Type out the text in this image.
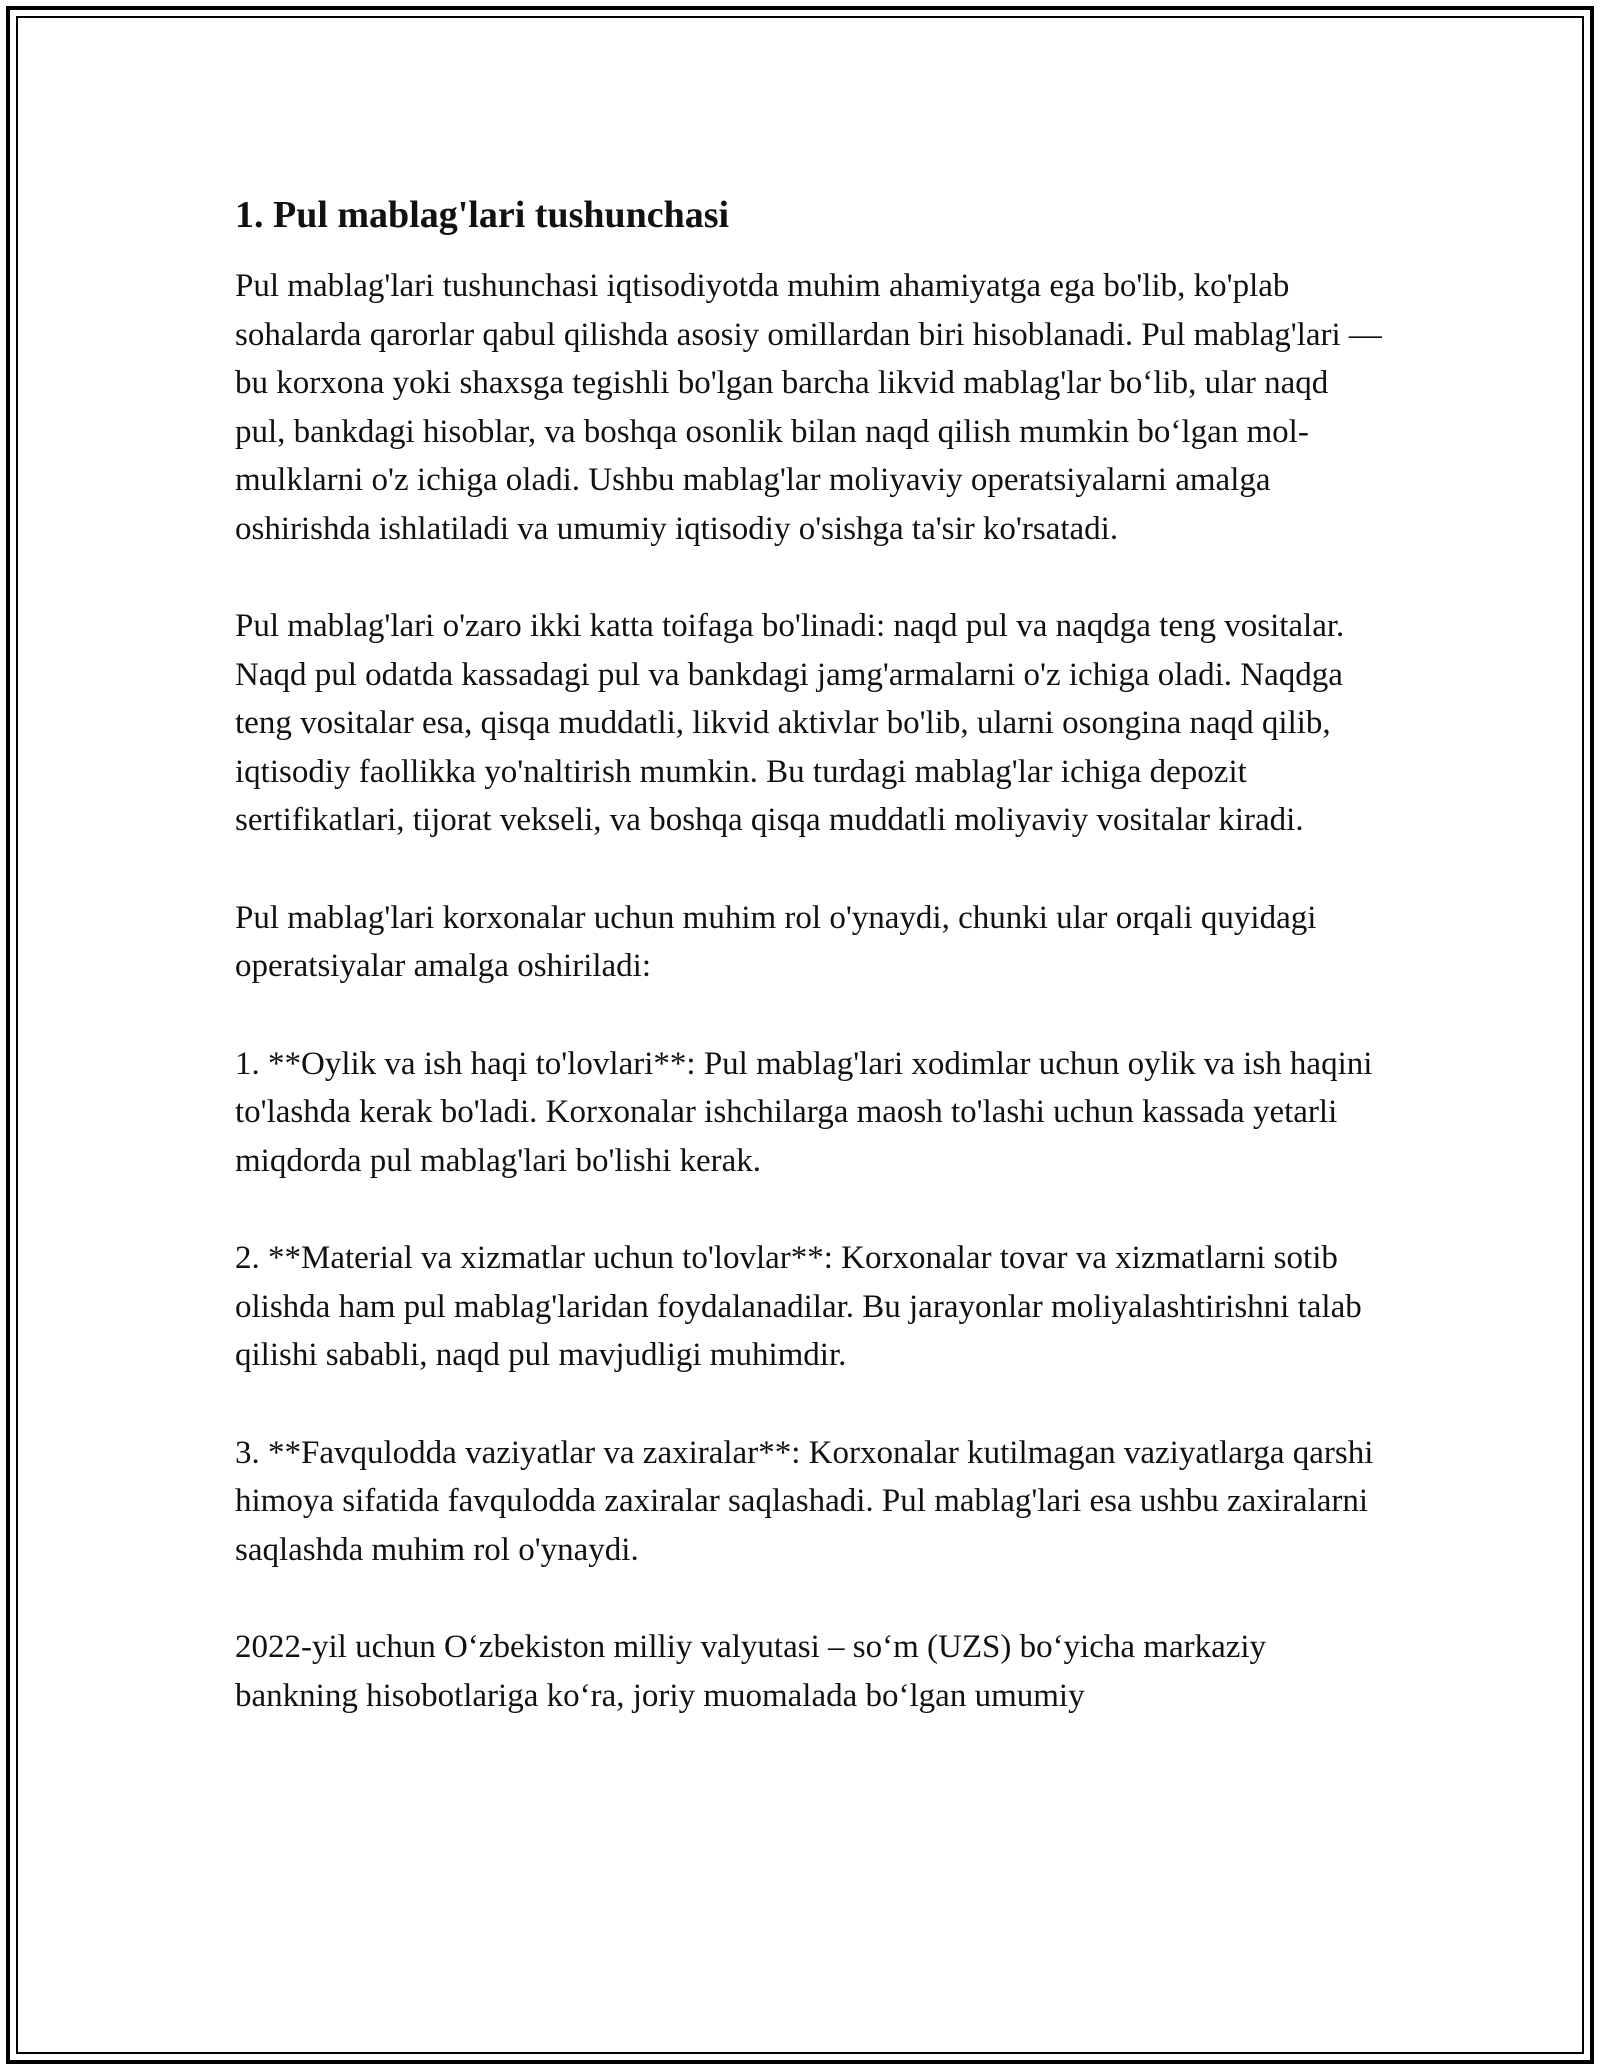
1. Pul mablag'lari tushunchasi

Pul mablag'lari tushunchasi iqtisodiyotda muhim ahamiyatga ega bo'lib, ko'plab sohalarda qarorlar qabul qilishda asosiy omillardan biri hisoblanadi. Pul mablag'lari — bu korxona yoki shaxsga tegishli bo'lgan barcha likvid mablag'lar bo‘lib, ular naqd pul, bankdagi hisoblar, va boshqa osonlik bilan naqd qilish mumkin bo‘lgan mol-mulklarni o'z ichiga oladi. Ushbu mablag'lar moliyaviy operatsiyalarni amalga oshirishda ishlatiladi va umumiy iqtisodiy o'sishga ta'sir ko'rsatadi.

Pul mablag'lari o'zaro ikki katta toifaga bo'linadi: naqd pul va naqdga teng vositalar. Naqd pul odatda kassadagi pul va bankdagi jamg'armalarni o'z ichiga oladi. Naqdga teng vositalar esa, qisqa muddatli, likvid aktivlar bo'lib, ularni osongina naqd qilib, iqtisodiy faollikka yo'naltirish mumkin. Bu turdagi mablag'lar ichiga depozit sertifikatlari, tijorat vekseli, va boshqa qisqa muddatli moliyaviy vositalar kiradi.

Pul mablag'lari korxonalar uchun muhim rol o'ynaydi, chunki ular orqali quyidagi operatsiyalar amalga oshiriladi:

1. **Oylik va ish haqi to'lovlari**: Pul mablag'lari xodimlar uchun oylik va ish haqini to'lashda kerak bo'ladi. Korxonalar ishchilarga maosh to'lashi uchun kassada yetarli miqdorda pul mablag'lari bo'lishi kerak.

2. **Material va xizmatlar uchun to'lovlar**: Korxonalar tovar va xizmatlarni sotib olishda ham pul mablag'laridan foydalanadilar. Bu jarayonlar moliyalashtirishni talab qilishi sababli, naqd pul mavjudligi muhimdir.

3. **Favqulodda vaziyatlar va zaxiralar**: Korxonalar kutilmagan vaziyatlarga qarshi himoya sifatida favqulodda zaxiralar saqlashadi. Pul mablag'lari esa ushbu zaxiralarni saqlashda muhim rol o'ynaydi.

2022-yil uchun O‘zbekiston milliy valyutasi – so‘m (UZS) bo‘yicha markaziy bankning hisobotlariga ko‘ra, joriy muomalada bo‘lgan umumiy
